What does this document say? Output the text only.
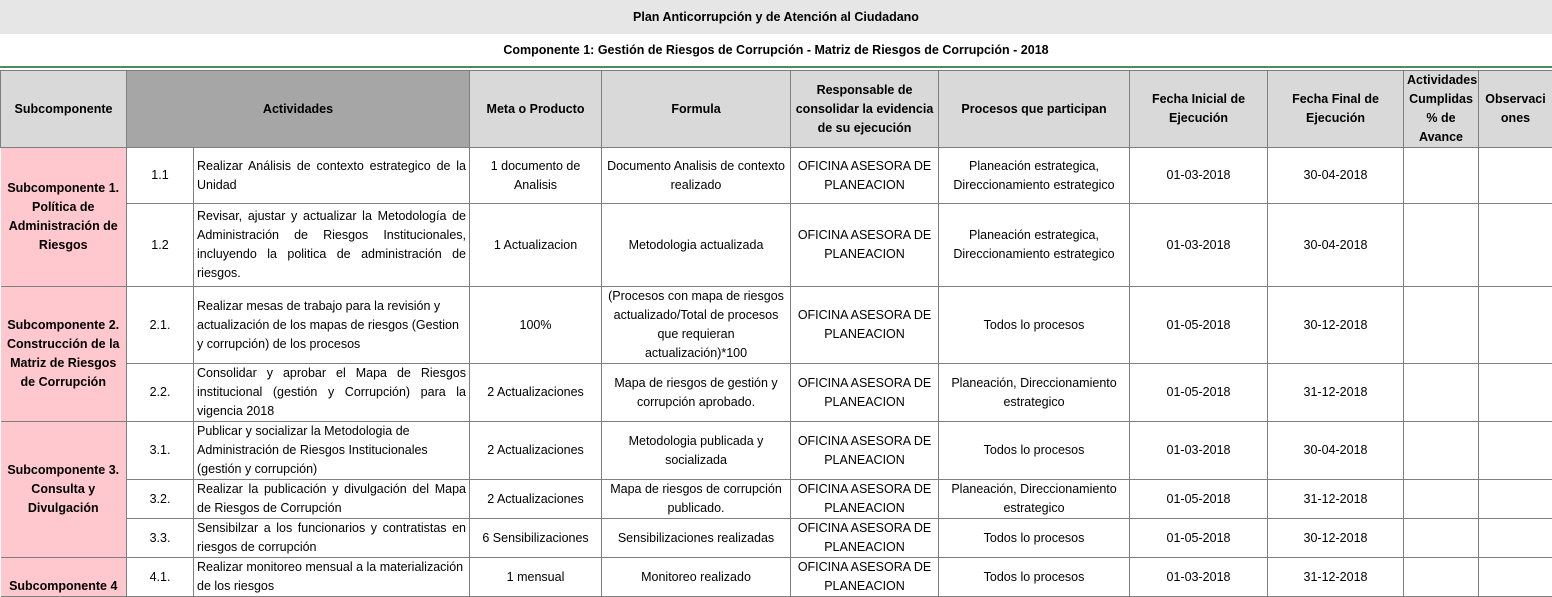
Plan Anticorrupción y de Atención al Ciudadano
Componente 1: Gestión de Riesgos de Corrupción - Matriz de Riesgos de Corrupción - 2018
Subcomponente	Actividades		Meta o Producto	Formula	Responsable de consolidar la evidencia de su ejecución	Procesos que participan	Fecha Inicial de Ejecución	Fecha Final de Ejecución	Actividades Cumplidas % de Avance	Observaciones
Subcomponente 1. Política de Administración de Riesgos	1.1	Realizar Análisis de contexto estrategico de la Unidad	1 documento de Analisis	Documento Analisis de contexto realizado	OFICINA ASESORA DE PLANEACION	Planeación estrategica, Direccionamiento estrategico	01-03-2018	30-04-2018		
	1.2	Revisar, ajustar y actualizar la Metodología de Administración de Riesgos Institucionales, incluyendo la politica de administración de riesgos.	1 Actualizacion	Metodologia actualizada	OFICINA ASESORA DE PLANEACION	Planeación estrategica, Direccionamiento estrategico	01-03-2018	30-04-2018		
Subcomponente 2. Construcción de la Matriz de Riesgos de Corrupción	2.1.	Realizar mesas de trabajo para la revisión y actualización de los mapas de riesgos (Gestion y corrupción) de los procesos	100%	(Procesos con mapa de riesgos actualizado/Total de procesos que requieran actualización)*100	OFICINA ASESORA DE PLANEACION	Todos lo procesos	01-05-2018	30-12-2018		
	2.2.	Consolidar y aprobar el Mapa de Riesgos institucional (gestión y Corrupción) para la vigencia 2018	2 Actualizaciones	Mapa de riesgos de gestión y corrupción aprobado.	OFICINA ASESORA DE PLANEACION	Planeación, Direccionamiento estrategico	01-05-2018	31-12-2018		
Subcomponente 3. Consulta y Divulgación	3.1.	Publicar y socializar la Metodologia de Administración de Riesgos Institucionales (gestión y corrupción)	2 Actualizaciones	Metodologia publicada y socializada	OFICINA ASESORA DE PLANEACION	Todos lo procesos	01-03-2018	30-04-2018		
	3.2.	Realizar la publicación y divulgación del Mapa de Riesgos de Corrupción	2 Actualizaciones	Mapa de riesgos de corrupción publicado.	OFICINA ASESORA DE PLANEACION	Planeación, Direccionamiento estrategico	01-05-2018	31-12-2018		
	3.3.	Sensibilzar a los funcionarios y contratistas en riesgos de corrupción	6 Sensibilizaciones	Sensibilizaciones realizadas	OFICINA ASESORA DE PLANEACION	Todos lo procesos	01-05-2018	30-12-2018		
Subcomponente 4	4.1.	Realizar monitoreo mensual a la materialización de los riesgos	1 mensual	Monitoreo realizado	OFICINA ASESORA DE PLANEACION	Todos lo procesos	01-03-2018	31-12-2018		
